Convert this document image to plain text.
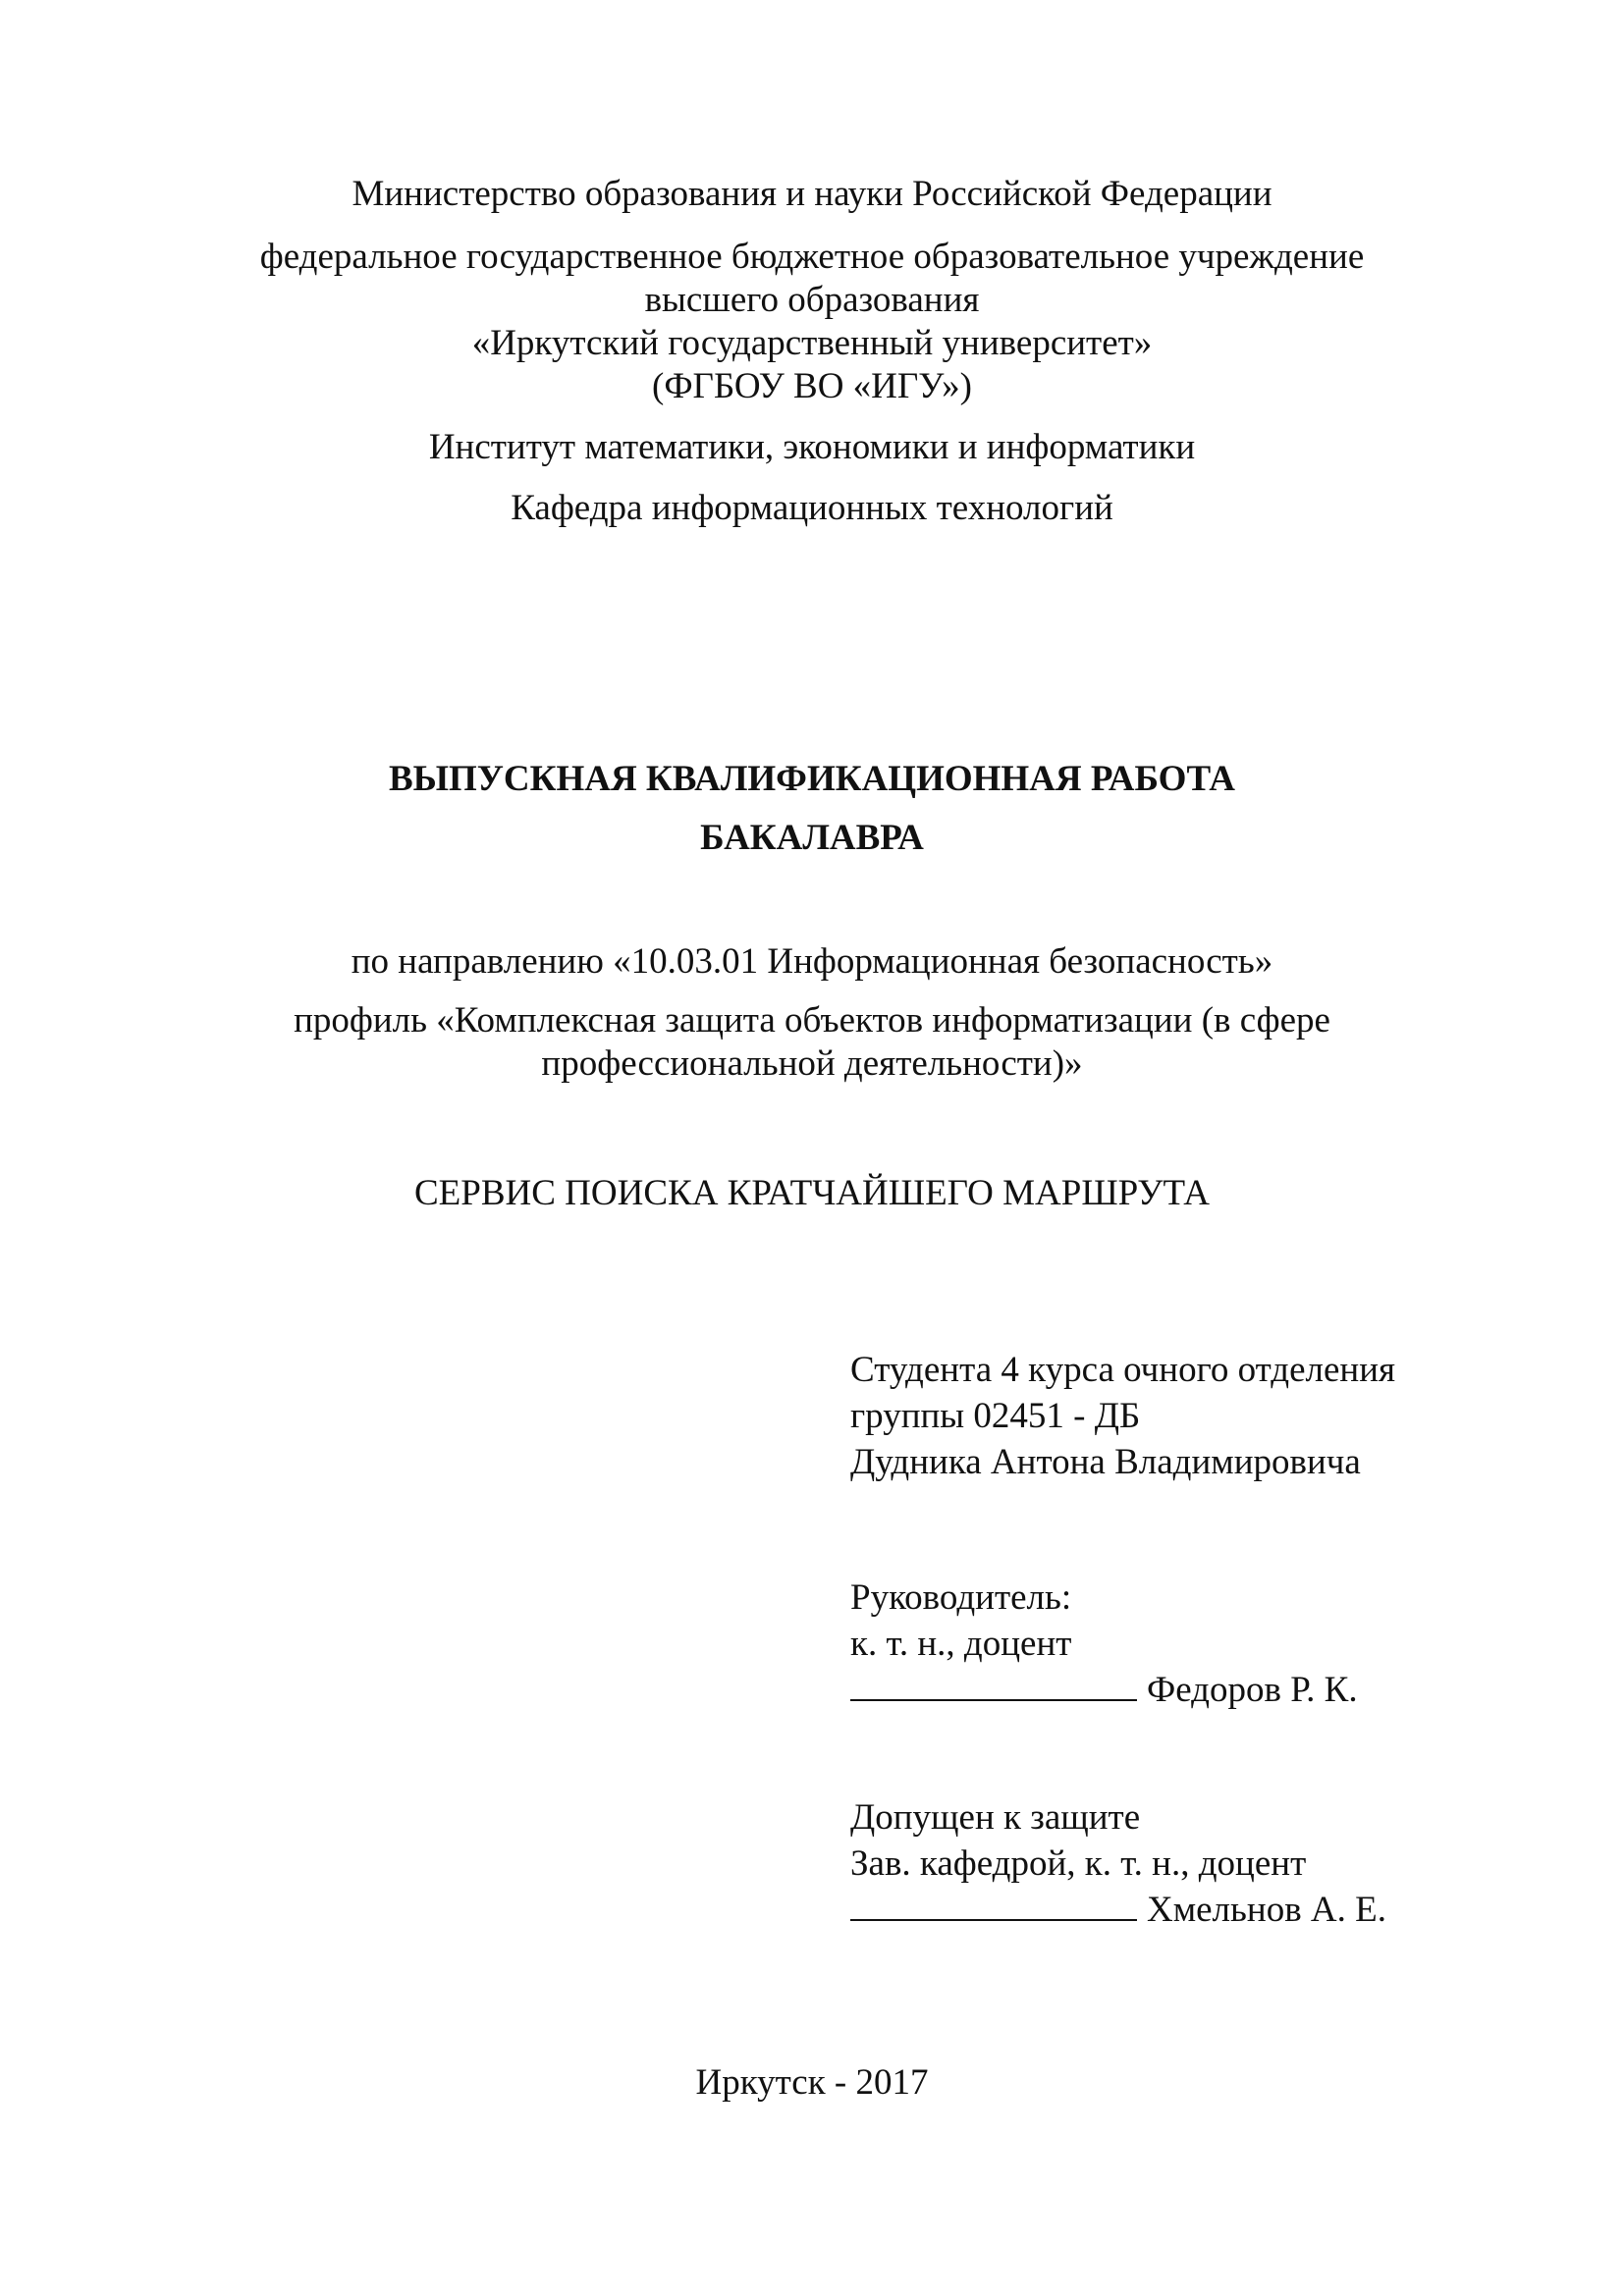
Министерство образования и науки Российской Федерации
федеральное государственное бюджетное образовательное учреждение
высшего образования
«Иркутский государственный университет»
(ФГБОУ ВО «ИГУ»)
Институт математики, экономики и информатики
Кафедра информационных технологий
ВЫПУСКНАЯ КВАЛИФИКАЦИОННАЯ РАБОТА
БАКАЛАВРА
по направлению «10.03.01 Информационная безопасность»
профиль «Комплексная защита объектов информатизации (в сфере
профессиональной деятельности)»
СЕРВИС ПОИСКА КРАТЧАЙШЕГО МАРШРУТА
Студента 4 курса очного отделения
группы 02451 - ДБ
Дудника Антона Владимировича
Руководитель:
к. т. н., доцент
Федоров Р. К.
Допущен к защите
Зав. кафедрой, к. т. н., доцент
Хмельнов А. Е.
Иркутск - 2017
